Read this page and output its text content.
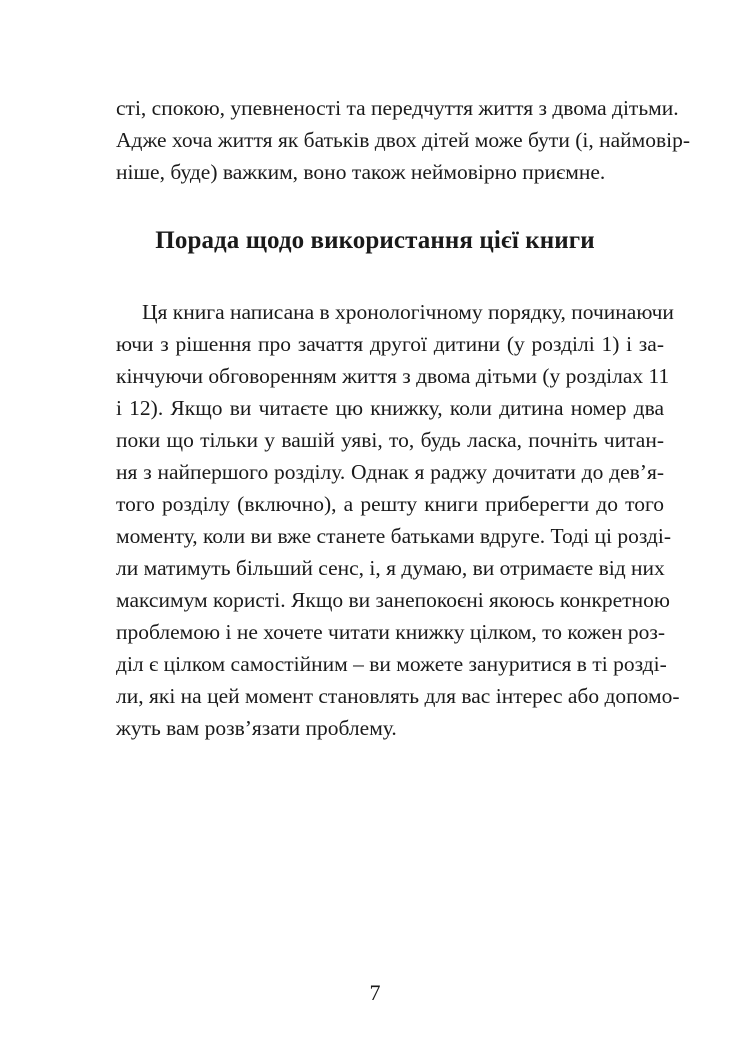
сті, спокою, упевненості та передчуття життя з двома дітьми.
Адже хоча життя як батьків двох дітей може бути (і, наймовір-
ніше, буде) важким, воно також неймовірно приємне.

Порада щодо використання цієї книги

Ця книга написана в хронологічному порядку, починаючи
ючи з рішення про зачаття другої дитини (у розділі 1) і за-
кінчуючи обговоренням життя з двома дітьми (у розділах 11
і 12). Якщо ви читаєте цю книжку, коли дитина номер два
поки що тільки у вашій уяві, то, будь ласка, почніть читан-
ня з найпершого розділу. Однак я раджу дочитати до дев’я-
того розділу (включно), а решту книги приберегти до того
моменту, коли ви вже станете батьками вдруге. Тоді ці розді-
ли матимуть більший сенс, і, я думаю, ви отримаєте від них
максимум користі. Якщо ви занепокоєні якоюсь конкретною
проблемою і не хочете читати книжку цілком, то кожен роз-
діл є цілком самостійним – ви можете зануритися в ті розді-
ли, які на цей момент становлять для вас інтерес або допомо-
жуть вам розв’язати проблему.

7
